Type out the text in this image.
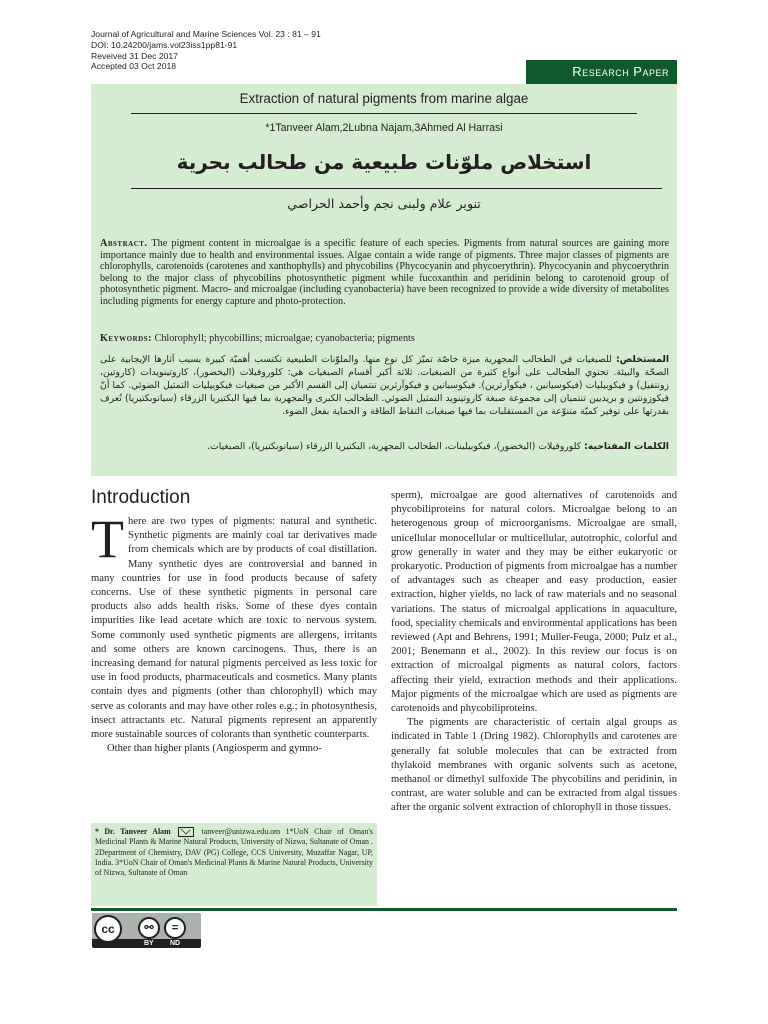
Journal of Agricultural and Marine Sciences Vol. 23 : 81 – 91
DOI: 10.24200/jams.vol23iss1pp81-91
Reveived 31 Dec 2017
Accepted 03 Oct 2018	Research Paper
Extraction of natural pigments from marine algae
*1Tanveer Alam,2Lubna Najam,3Ahmed Al Harrasi
استخلاص ملوّنات طبيعية من طحالب بحرية
تنوير علام ولبنى نجم وأحمد الحراصي
Abstract. The pigment content in microalgae is a specific feature of each species. Pigments from natural sources are gaining more importance mainly due to health and environmental issues. Algae contain a wide range of pigments. Three major classes of pigments are chlorophylls, carotenoids (carotenes and xanthophylls) and phycobilins (Phycocyanin and phycoerythrin). Phycocyanin and phycoerythrin belong to the major class of phycobilins photosynthetic pigment while fucoxanthin and peridinin belong to carotenoid group of photosynthetic pigment. Macro- and microalgae (including cyanobacteria) have been recognized to provide a wide diversity of metabolites including pigments for energy capture and photo-protection.
Keywords: Chlorophyll; phycobillins; microalgae; cyanobacteria; pigments
المستخلص: للصبغيات في الطحالب المجهرية ميزة خاصّة تميّز كل نوع منها. والملوّنات الطبيعية تكتسب أهميّة كبيرة بسبب آثارها الإيجابية على الصحّة والبيئة. تحتوي الطحالب على أنواع كثيرة من الصبغيات. ثلاثة أكبر أقسام الصبغيات هي: كلوروفيلات (اليخضور)، كاروتينويدات (كاروتين، زونتفيل) و فيكوبيليات (فيكوسيانين ، فيكوآرثرين). فيكوسيانين و فيكوآرثرين تنتميان إلى القسم الأكبر من صبغيات فيكوبيليات التمثيل الضوئي. كما أنّ فيكوزونتين و بريديين تنتميان إلى مجموعة صبغة كاروتينويد التمثيل الضوئي. الطحالب الكبرى والمجهرية بما فيها البكتيريا الزرقاء (سيانوبكتيريا) تُعرف بقدرتها على توفير كميّة متنوّعة من المستقلبات بما فيها صبغيات التقاط الطاقة و الحماية بفعل الضوء.
الكلمات المفتاحية: كلوروفيلات (اليخضور)، فيكوبيلينات، الطحالب المجهرية، البكتيريا الزرقاء (سيانوبكتيريا)، الصبغيات.
Introduction

There are two types of pigments: natural and synthetic. Synthetic pigments are mainly coal tar derivatives made from chemicals which are by products of coal distillation. Many synthetic dyes are controversial and banned in many countries for use in food products because of safety concerns. Use of these synthetic pigments in personal care products also adds health risks. Some of these dyes contain impurities like lead acetate which are toxic to nervous system. Some commonly used synthetic pigments are allergens, irritants and some others are known carcinogens. Thus, there is an increasing demand for natural pigments perceived as less toxic for use in food products, pharmaceuticals and cosmetics. Many plants contain dyes and pigments (other than chlorophyll) which may serve as colorants and may have other roles e.g.; in photosynthesis, insect attractants etc. Natural pigments represent an apparently more sustainable sources of colorants than synthetic counterparts.

Other than higher plants (Angiosperm and gymno-

sperm), microalgae are good alternatives of carotenoids and phycobiliproteins for natural colors. Microalgae belong to an heterogenous group of microorganisms. Microalgae are small, unicellular monocellular or multicellular, autotrophic, colorful and grow generally in water and they may be either eukaryotic or prokaryotic. Production of pigments from microalgae has a number of advantages such as cheaper and easy production, easier extraction, higher yields, no lack of raw materials and no seasonal variations. The status of microalgal applications in aquaculture, food, speciality chemicals and environmental applications has been reviewed (Apt and Behrens, 1991; Muller-Feuga, 2000; Pulz et al., 2001; Benemann et al., 2002). In this review our focus is on extraction of microalgal pigments as natural colors, factors affecting their yield, extraction methods and their applications. Major pigments of the microalgae which are used as pigments are carotenoids and phycobiliproteins.

The pigments are characteristic of certain algal groups as indicated in Table 1 (Dring 1982). Chlorophylls and carotenes are generally fat soluble molecules that can be extracted from thylakoid membranes with organic solvents such as acetone, methanol or dimethyl sulfoxide The phycobilins and peridinin, in contrast, are water soluble and can be extracted from algal tissues after the organic solvent extraction of chlorophyll in those tissues.

* Dr. Tanveer Alam	tanveer@unizwa.edu.om 1*UoN Chair of Oman's Medicinal Plants & Marine Natural Products, University of Nizwa, Sultanate of Oman . 2Department of Chemistry, DAV (PG) College, CCS University, Muzaffar Nagar, UP, India. 3*UoN Chair of Oman's Medicinal Plants & Marine Natural Products, University of Nizwa, Sultanate of Oman
cc	⚯	=
BY ND
